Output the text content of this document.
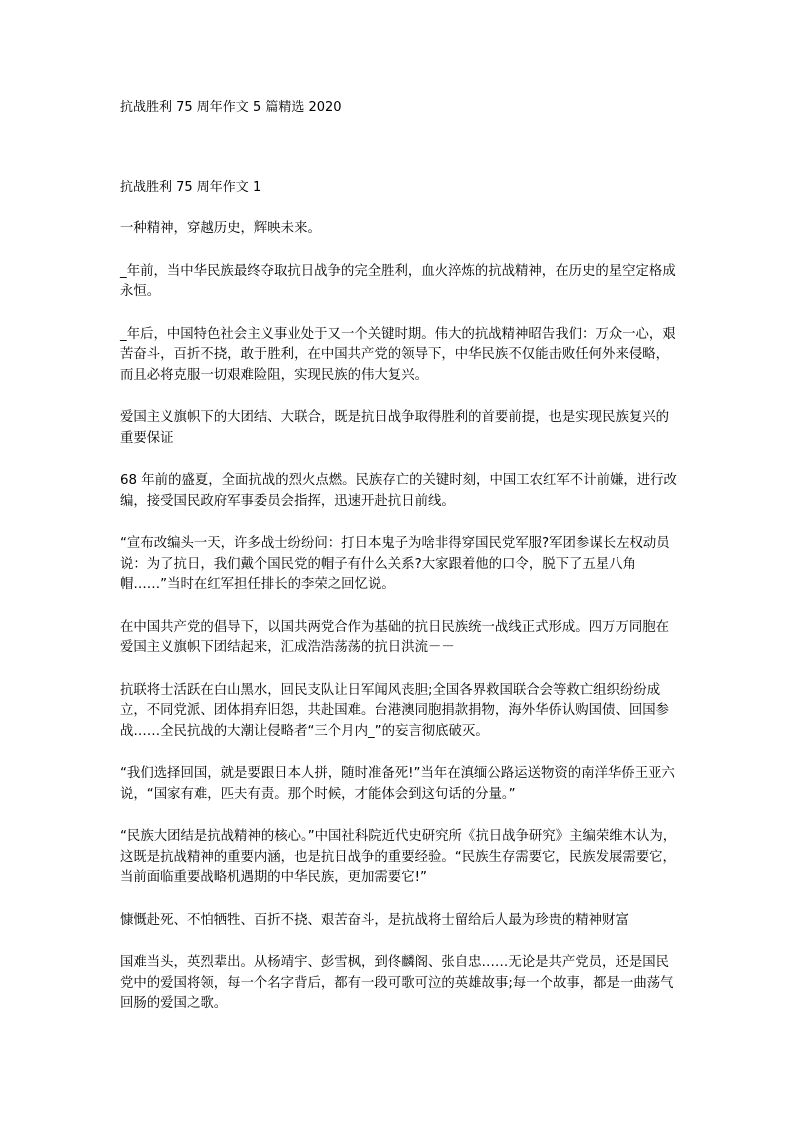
抗战胜利 75 周年作文 5 篇精选 2020
抗战胜利 75 周年作文 1

一种精神，穿越历史，辉映未来。

_年前，当中华民族最终夺取抗日战争的完全胜利，血火淬炼的抗战精神，在历史的星空定格成永恒。

_年后，中国特色社会主义事业处于又一个关键时期。伟大的抗战精神昭告我们：万众一心，艰苦奋斗，百折不挠，敢于胜利，在中国共产党的领导下，中华民族不仅能击败任何外来侵略，而且必将克服一切艰难险阻，实现民族的伟大复兴。

爱国主义旗帜下的大团结、大联合，既是抗日战争取得胜利的首要前提，也是实现民族复兴的重要保证

68 年前的盛夏，全面抗战的烈火点燃。民族存亡的关键时刻，中国工农红军不计前嫌，进行改编，接受国民政府军事委员会指挥，迅速开赴抗日前线。

“宣布改编头一天，许多战士纷纷问：打日本鬼子为啥非得穿国民党军服?军团参谋长左权动员说：为了抗日，我们戴个国民党的帽子有什么关系?大家跟着他的口令，脱下了五星八角帽……”当时在红军担任排长的李荣之回忆说。

在中国共产党的倡导下，以国共两党合作为基础的抗日民族统一战线正式形成。四万万同胞在爱国主义旗帜下团结起来，汇成浩浩荡荡的抗日洪流－－

抗联将士活跃在白山黑水，回民支队让日军闻风丧胆;全国各界救国联合会等救亡组织纷纷成立，不同党派、团体捐弃旧怨，共赴国难。台港澳同胞捐款捐物，海外华侨认购国债、回国参战……全民抗战的大潮让侵略者“三个月内_”的妄言彻底破灭。

“我们选择回国，就是要跟日本人拼，随时准备死!”当年在滇缅公路运送物资的南洋华侨王亚六说，“国家有难，匹夫有责。那个时候，才能体会到这句话的分量。”

“民族大团结是抗战精神的核心。”中国社科院近代史研究所《抗日战争研究》主编荣维木认为，这既是抗战精神的重要内涵，也是抗日战争的重要经验。“民族生存需要它，民族发展需要它，当前面临重要战略机遇期的中华民族，更加需要它!”

慷慨赴死、不怕牺牲、百折不挠、艰苦奋斗，是抗战将士留给后人最为珍贵的精神财富

国难当头，英烈辈出。从杨靖宇、彭雪枫，到佟麟阁、张自忠……无论是共产党员，还是国民党中的爱国将领，每一个名字背后，都有一段可歌可泣的英雄故事;每一个故事，都是一曲荡气回肠的爱国之歌。
